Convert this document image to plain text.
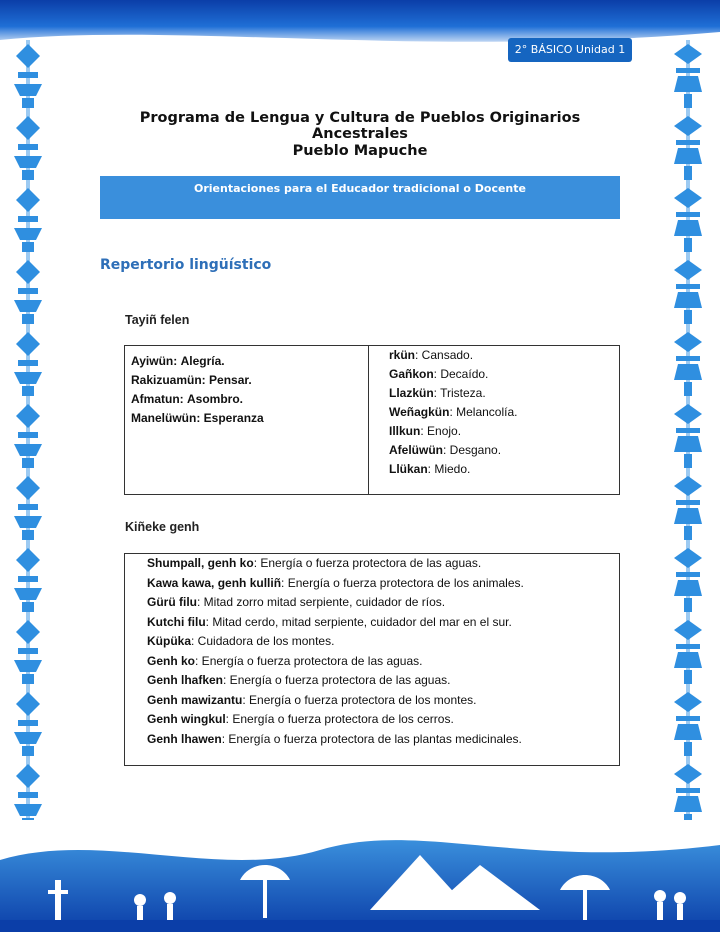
2° BÁSICO Unidad 1
Programa de Lengua y Cultura de Pueblos Originarios Ancestrales
Pueblo Mapuche
Orientaciones para el Educador tradicional o Docente
Repertorio lingüístico
Tayiñ felen
Ayiwün: Alegría.
Rakizuamün: Pensar.
Afmatun: Asombro.
Manelüwün: Esperanza
rkün: Cansado.
Gañkon: Decaído.
Llazkün: Tristeza.
Weñagkün: Melancolía.
Illkun: Enojo.
Afelüwün: Desgano.
Llükan: Miedo.
Kiñeke genh
Shumpall, genh ko: Energía o fuerza protectora de las aguas.
Kawa kawa, genh kulliñ: Energía o fuerza protectora de los animales.
Gürü filu: Mitad zorro mitad serpiente, cuidador de ríos.
Kutchi filu: Mitad cerdo, mitad serpiente, cuidador del mar en el sur.
Küpüka: Cuidadora de los montes.
Genh ko: Energía o fuerza protectora de las aguas.
Genh lhafken: Energía o fuerza protectora de las aguas.
Genh mawizantu: Energía o fuerza protectora de los montes.
Genh wingkul: Energía o fuerza protectora de los cerros.
Genh lhawen: Energía o fuerza protectora de las plantas medicinales.
